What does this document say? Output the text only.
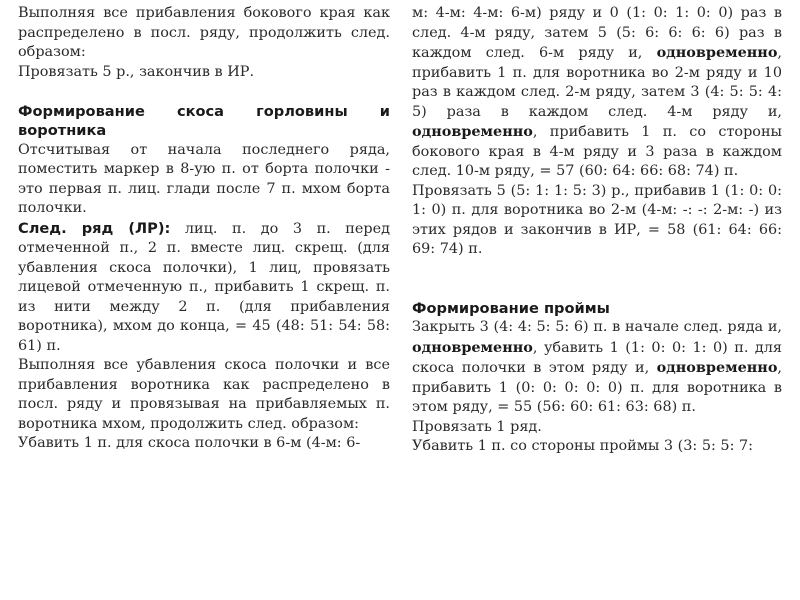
Выполняя все прибавления бокового края как распределено в посл. ряду, продолжить след. образом:

Провязать 5 р., закончив в ИР.

Формирование скоса горловины и воротника

Отсчитывая от начала последнего ряда, поместить маркер в 8-ую п. от борта полочки - это первая п. лиц. глади после 7 п. мхом борта полочки.

След. ряд (ЛР): лиц. п. до 3 п. перед отмеченной п., 2 п. вместе лиц. скрещ. (для убавления скоса полочки), 1 лиц, провязать лицевой отмеченную п., прибавить 1 скрещ. п. из нити между 2 п. (для прибавления воротника), мхом до конца, = 45 (48: 51: 54: 58: 61) п.

Выполняя все убавления скоса полочки и все прибавления воротника как распределено в посл. ряду и провязывая на прибавляемых п. воротника мхом, продолжить след. образом:

Убавить 1 п. для скоса полочки в 6-м (4-м: 6-

м: 4-м: 4-м: 6-м) ряду и 0 (1: 0: 1: 0: 0) раз в след. 4-м ряду, затем 5 (5: 6: 6: 6: 6) раз в каждом след. 6-м ряду и, одновременно, прибавить 1 п. для воротника во 2-м ряду и 10 раз в каждом след. 2-м ряду, затем 3 (4: 5: 5: 4: 5) раза в каждом след. 4-м ряду и, одновременно, прибавить 1 п. со стороны бокового края в 4-м ряду и 3 раза в каждом след. 10-м ряду, = 57 (60: 64: 66: 68: 74) п.

Провязать 5 (5: 1: 1: 5: 3) р., прибавив 1 (1: 0: 0: 1: 0) п. для воротника во 2-м (4-м: -: -: 2-м: -) из этих рядов и закончив в ИР, = 58 (61: 64: 66: 69: 74) п.

Формирование проймы

Закрыть 3 (4: 4: 5: 5: 6) п. в начале след. ряда и, одновременно, убавить 1 (1: 0: 0: 1: 0) п. для скоса полочки в этом ряду и, одновременно, прибавить 1 (0: 0: 0: 0: 0) п. для воротника в этом ряду, = 55 (56: 60: 61: 63: 68) п.

Провязать 1 ряд.

Убавить 1 п. со стороны проймы 3 (3: 5: 5: 7:
